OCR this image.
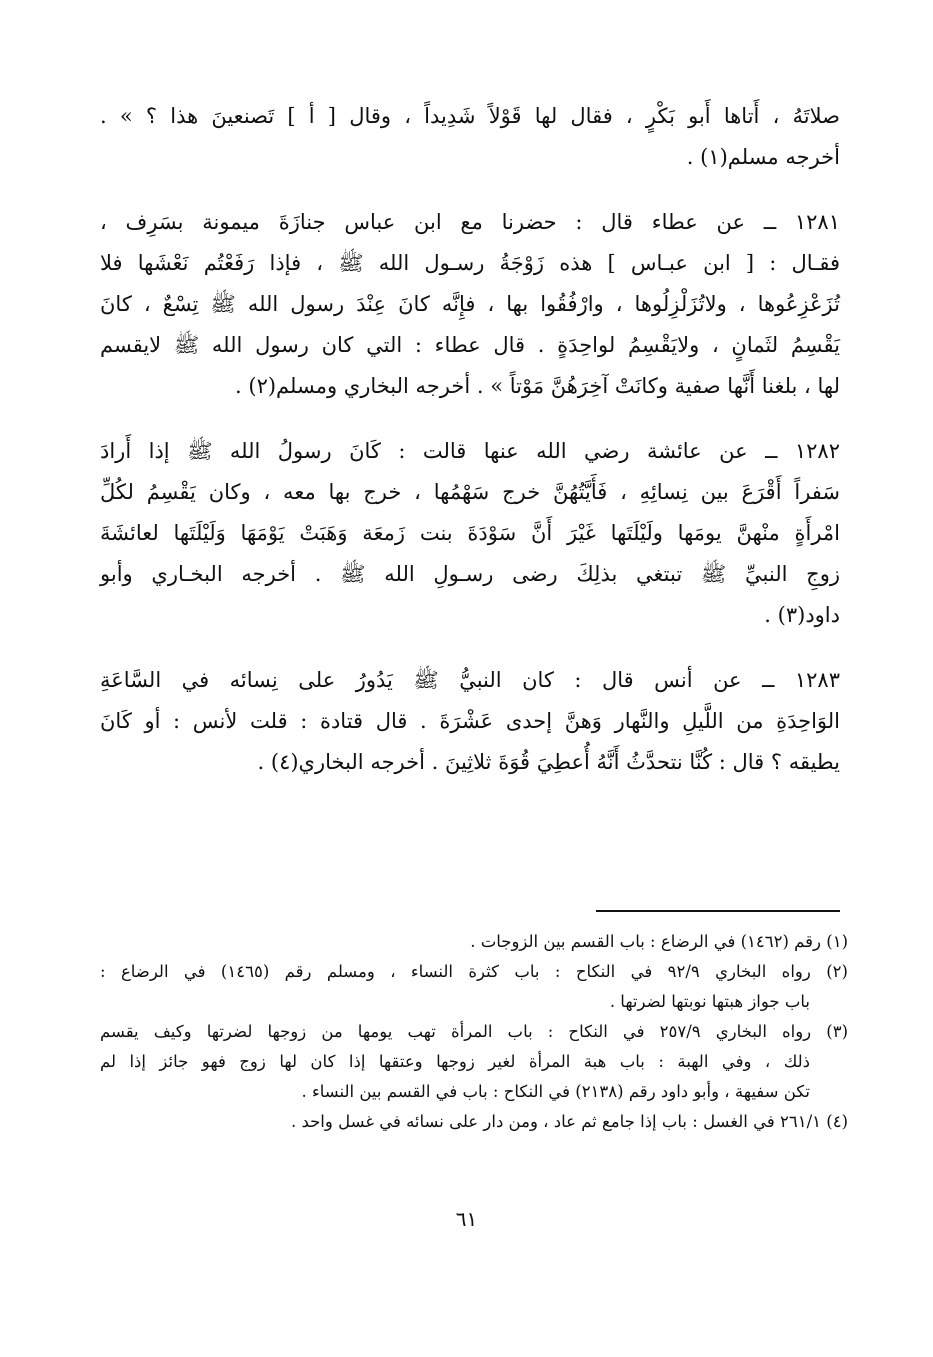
صلاتَهُ ، أَتاها أَبو بَكْرٍ ، فقال لها قَوْلاً شَدِيداً ، وقال [ أ ] تَصنعينَ هذا ؟ » .
أخرجه مسلم(١) .

١٢٨١ ــ عن عطاء قال : حضرنا مع ابن عباس جنازَةَ ميمونة بسَرِف ،
فقـال : [ ابن عبـاس ] هذه زَوْجَةُ رسـول الله ﷺ ، فإذا رَفَعْتُم نَعْشَها فلا
تُزَعْزِعُوها ، ولاتُزَلْزِلُوها ، وارْفُقُوا بها ، فإِنَّه كانَ عِنْدَ رسول الله ﷺ تِسْعٌ ، كانَ
يَقْسِمُ لثَمانٍ ، ولايَقْسِمُ لواحِدَةٍ . قال عطاء : التي كان رسول الله ﷺ لايقسم
لها ، بلغنا أَنَّها صفية وكانَتْ آخِرَهُنَّ مَوْتاً » . أخرجه البخاري ومسلم(٢) .

١٢٨٢ ــ عن عائشة رضي الله عنها قالت : كَانَ رسولُ الله ﷺ إذا أَرادَ
سَفراً أَقْرَعَ بين نِسائِهِ ، فَأَيَّتُهُنَّ خرج سَهْمُها ، خرج بها معه ، وكان يَقْسِمُ لكُلِّ
امْرأَةٍ منْهنَّ يومَها ولَيْلَتَها غَيْرَ أَنَّ سَوْدَةَ بنت زَمعَة وَهَبَتْ يَوْمَهَا وَلَيْلَتَها لعائشَةَ
زوجِ النبيِّ ﷺ تبتغي بذلِكَ رضى رسـولِ الله ﷺ . أخرجه البخـاري وأبو
داود(٣) .

١٢٨٣ ــ عن أنس قال : كان النبيُّ ﷺ يَدُورُ على نِسائه في السَّاعَةِ
الوَاحِدَةِ من اللَّيلِ والنَّهار وَهنَّ إحدى عَشْرَةَ . قال قتادة : قلت لأنس : أو كَانَ
يطيقه ؟ قال : كُنَّا نتحدَّثُ أَنَّهُ أُعطِيَ قُوَةَ ثلاثِينَ . أخرجه البخاري(٤) .

(١) رقم (١٤٦٢) في الرضاع : باب القسم بين الزوجات .

(٢) رواه البخاري ٩٢/٩ في النكاح : باب كثرة النساء ، ومسلم رقم (١٤٦٥) في الرضاع :
باب جواز هبتها نوبتها لضرتها .

(٣) رواه البخاري ٢٥٧/٩ في النكاح : باب المرأة تهب يومها من زوجها لضرتها وكيف يقسم
ذلك ، وفي الهبة : باب هبة المرأة لغير زوجها وعتقها إذا كان لها زوج فهو جائز إذا لم
تكن سفيهة ، وأبو داود رقم (٢١٣٨) في النكاح : باب في القسم بين النساء .

(٤) ٢٦١/١ في الغسل : باب إذا جامع ثم عاد ، ومن دار على نسائه في غسل واحد .

٦١
